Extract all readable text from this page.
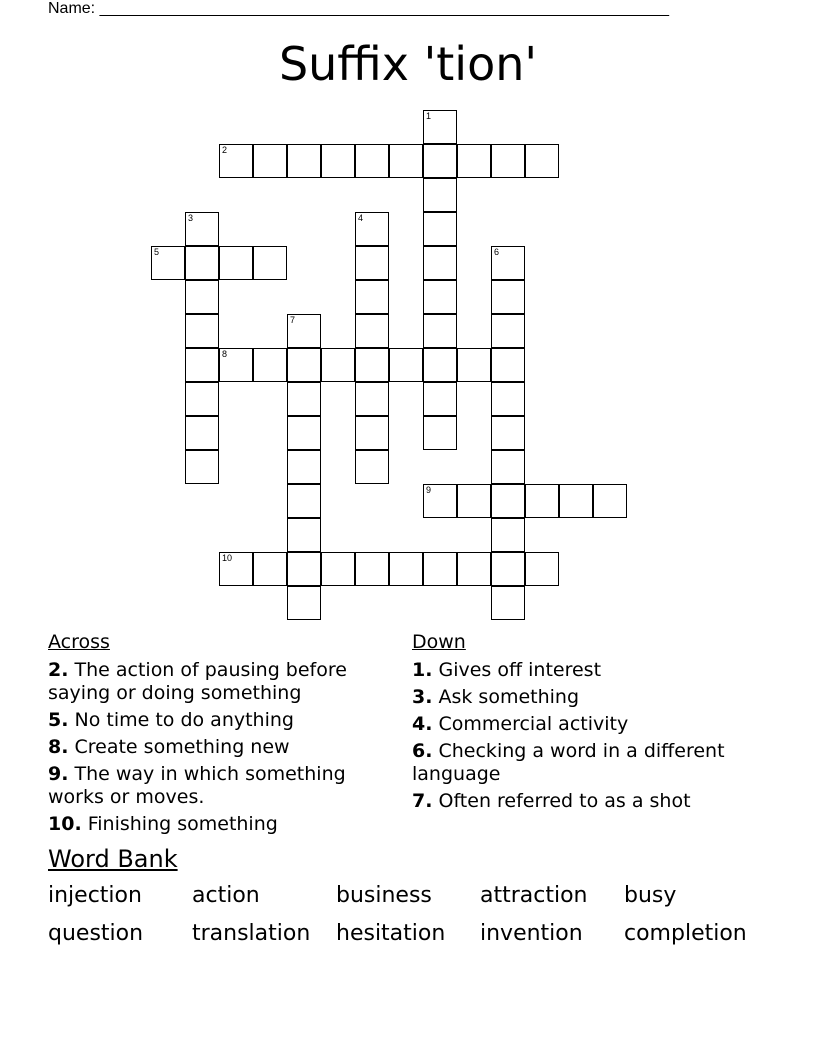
Name: ________________________________________________________________
Suffix 'tion'
1
2
3	4
5	6
7
8
9
10
Across
2. The action of pausing before saying or doing something
5. No time to do anything
8. Create something new
9. The way in which something works or moves.
10. Finishing something
Down
1. Gives off interest
3. Ask something
4. Commercial activity
6. Checking a word in a different language
7. Often referred to as a shot
Word Bank
injection	action	business	attraction	busy
question	translation	hesitation	invention	completion
